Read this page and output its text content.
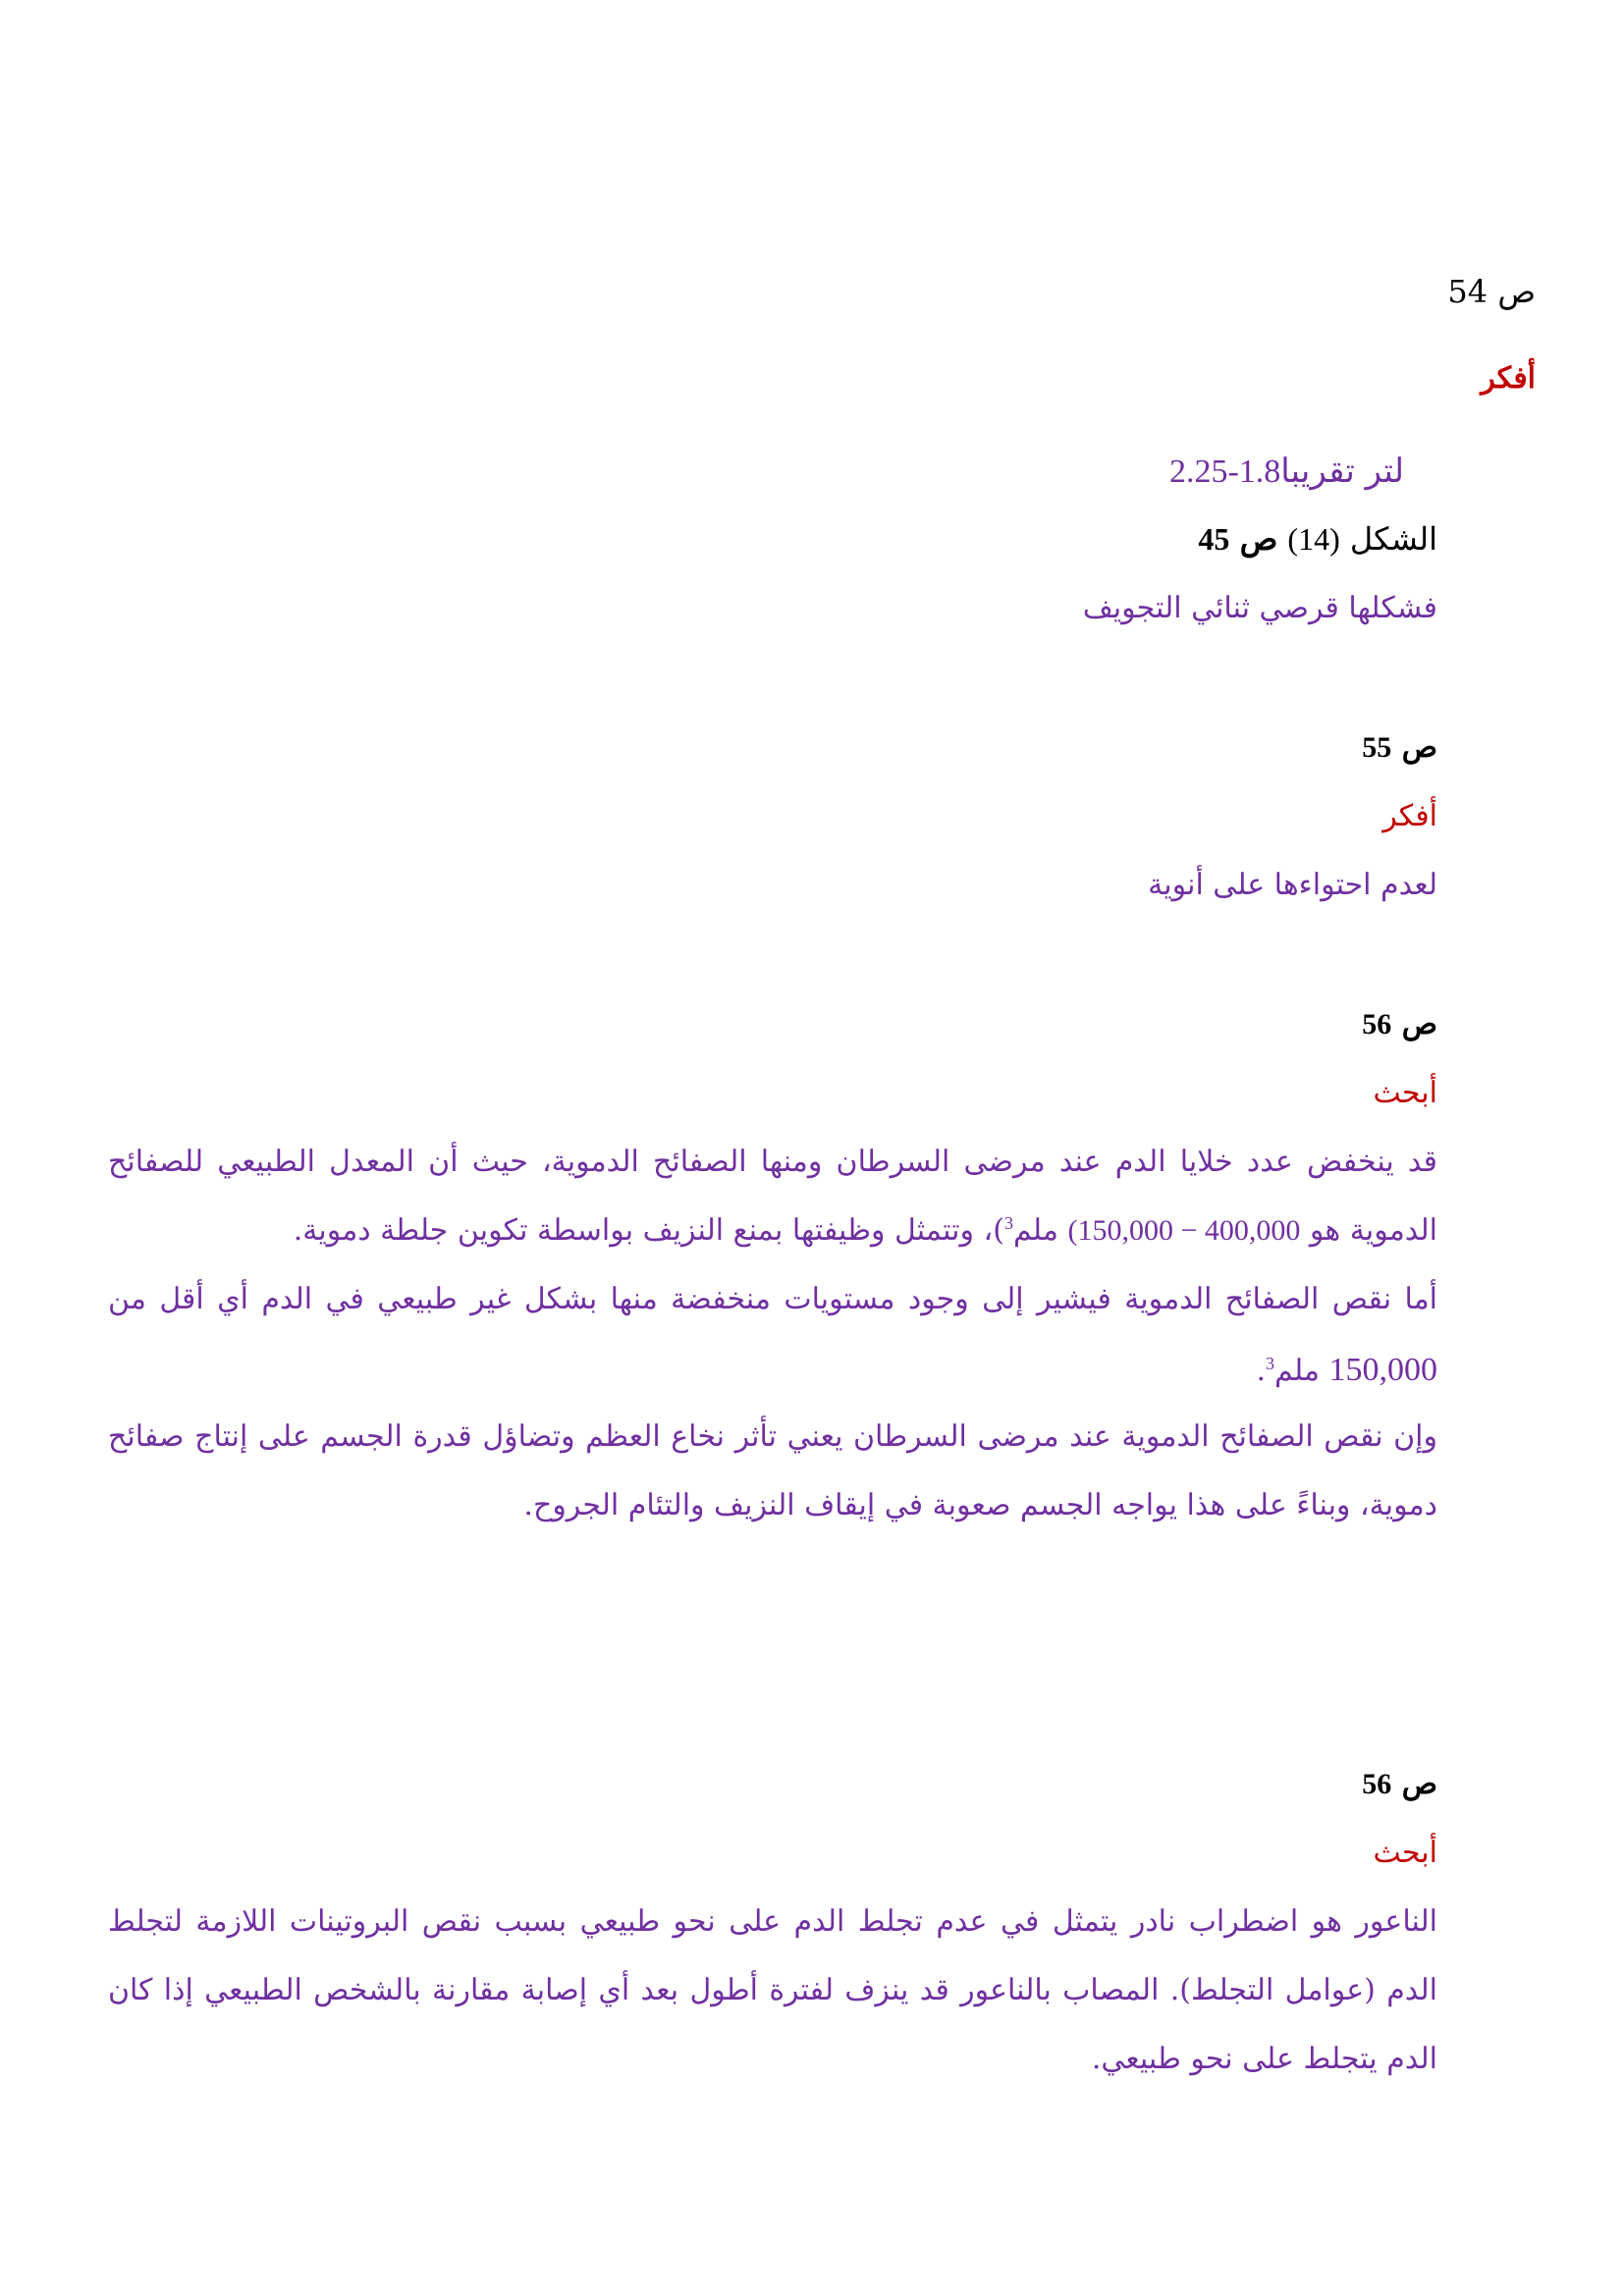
ص 54
أفكر
لتر تقريبا2.25-1.8
الشكل (14) ص 45
فشكلها قرصي ثنائي التجويف
ص 55
أفكر
لعدم احتواءها على أنوية
ص 56
أبحث
قد ينخفض عدد خلايا الدم عند مرضى السرطان ومنها الصفائح الدموية، حيث أن المعدل الطبيعي للصفائح
الدموية هو (150,000 − 400,000 ملم$^3$)، وتتمثل وظيفتها بمنع النزيف بواسطة تكوين جلطة دموية.
أما نقص الصفائح الدموية فيشير إلى وجود مستويات منخفضة منها بشكل غير طبيعي في الدم أي أقل من
150,000 ملم$^3$.
وإن نقص الصفائح الدموية عند مرضى السرطان يعني تأثر نخاع العظم وتضاؤل قدرة الجسم على إنتاج صفائح
دموية، وبناءً على هذا يواجه الجسم صعوبة في إيقاف النزيف والتئام الجروح.
ص 56
أبحث
الناعور هو اضطراب نادر يتمثل في عدم تجلط الدم على نحو طبيعي بسبب نقص البروتينات اللازمة لتجلط
الدم (عوامل التجلط). المصاب بالناعور قد ينزف لفترة أطول بعد أي إصابة مقارنة بالشخص الطبيعي إذا كان
الدم يتجلط على نحو طبيعي.
